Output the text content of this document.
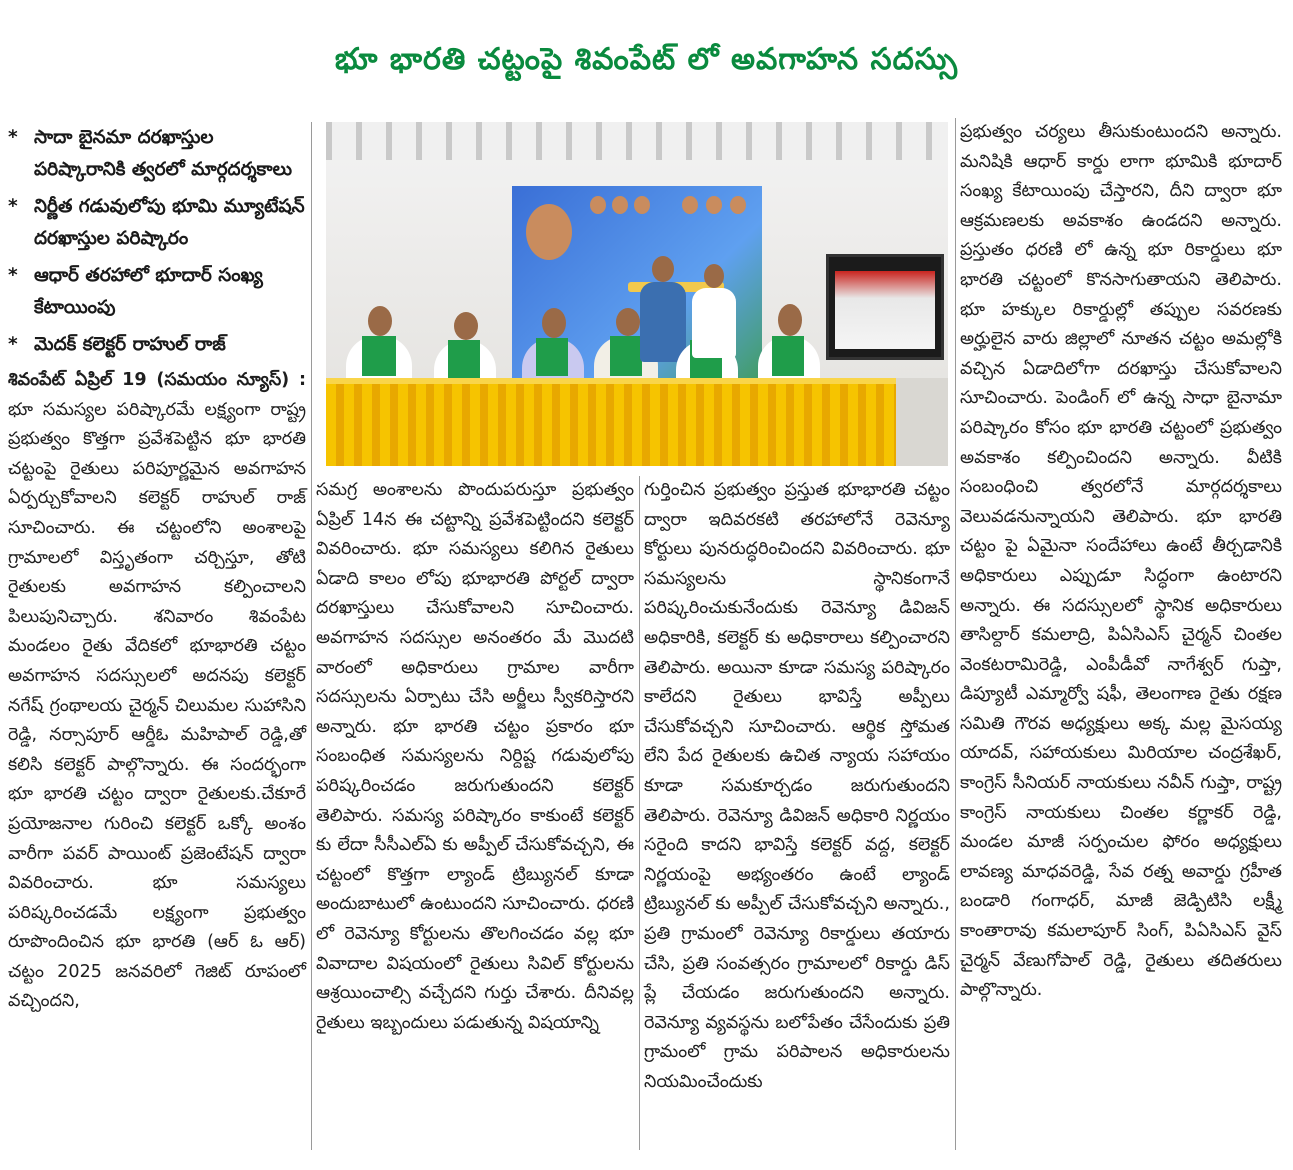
భూ భారతి చట్టంపై శివంపేట్ లో అవగాహన సదస్సు
* సాదా బైనమా దరఖాస్తుల పరిష్కారానికి త్వరలో మార్గదర్శకాలు
* నిర్ణీత గడువులోపు భూమి మ్యూటేషన్ దరఖాస్తుల పరిష్కారం
* ఆధార్ తరహాలో భూదార్ సంఖ్య కేటాయింపు
* మెదక్ కలెక్టర్ రాహుల్ రాజ్

శివంపేట్ ఏప్రిల్ 19 (సమయం న్యూస్) : భూ సమస్యల పరిష్కారమే లక్ష్యంగా రాష్ట్ర ప్రభుత్వం కొత్తగా ప్రవేశపెట్టిన భూ భారతి చట్టంపై రైతులు పరిపూర్ణమైన అవగాహన ఏర్పర్చుకోవాలని కలెక్టర్ రాహుల్ రాజ్ సూచించారు. ఈ చట్టంలోని అంశాలపై గ్రామాలలో విస్తృతంగా చర్చిస్తూ, తోటి రైతులకు అవగాహన కల్పించాలని పిలుపునిచ్చారు. శనివారం శివంపేట మండలం రైతు వేదికలో భూభారతి చట్టం అవగాహన సదస్సులలో అదనపు కలెక్టర్ నగేష్ గ్రంథాలయ చైర్మన్ చిలుమల సుహాసిని రెడ్డి, నర్సాపూర్ ఆర్డీఓ మహిపాల్ రెడ్డి,తో కలిసి కలెక్టర్ పాల్గొన్నారు. ఈ సందర్భంగా భూ భారతి చట్టం ద్వారా రైతులకు.చేకూరే ప్రయోజనాల గురించి కలెక్టర్ ఒక్కో అంశం వారీగా పవర్ పాయింట్ ప్రజెంటేషన్ ద్వారా వివరించారు. భూ సమస్యలు పరిష్కరించడమే లక్ష్యంగా ప్రభుత్వం రూపొందించిన భూ భారతి (ఆర్ ఓ ఆర్) చట్టం 2025 జనవరిలో గెజిట్ రూపంలో వచ్చిందని,

సమగ్ర అంశాలను పొందుపరుస్తూ ప్రభుత్వం ఏప్రిల్ 14న ఈ చట్టాన్ని ప్రవేశపెట్టిందని కలెక్టర్ వివరించారు. భూ సమస్యలు కలిగిన రైతులు ఏడాది కాలం లోపు భూభారతి పోర్టల్ ద్వారా దరఖాస్తులు చేసుకోవాలని సూచించారు. అవగాహన సదస్సుల అనంతరం మే మొదటి వారంలో అధికారులు గ్రామాల వారీగా సదస్సులను ఏర్పాటు చేసి అర్జీలు స్వీకరిస్తారని అన్నారు. భూ భారతి చట్టం ప్రకారం భూ సంబంధిత సమస్యలను నిర్దిష్ట గడువులోపు పరిష్కరించడం జరుగుతుందని కలెక్టర్ తెలిపారు. సమస్య పరిష్కారం కాకుంటే కలెక్టర్ కు లేదా సీసీఎల్ఏ కు అప్పీల్ చేసుకోవచ్చని, ఈ చట్టంలో కొత్తగా ల్యాండ్ ట్రిబ్యునల్ కూడా అందుబాటులో ఉంటుందని సూచించారు. ధరణి లో రెవెన్యూ కోర్టులను తొలగించడం వల్ల భూ వివాదాల విషయంలో రైతులు సివిల్ కోర్టులను ఆశ్రయించాల్సి వచ్చేదని గుర్తు చేశారు. దీనివల్ల రైతులు ఇబ్బందులు పడుతున్న విషయాన్ని

గుర్తించిన ప్రభుత్వం ప్రస్తుత భూభారతి చట్టం ద్వారా ఇదివరకటి తరహాలోనే రెవెన్యూ కోర్టులు పునరుద్ధరించిందని వివరించారు. భూ సమస్యలను స్థానికంగానే పరిష్కరించుకునేందుకు రెవెన్యూ డివిజన్ అధికారికి, కలెక్టర్ కు అధికారాలు కల్పించారని తెలిపారు. అయినా కూడా సమస్య పరిష్కారం కాలేదని రైతులు భావిస్తే అప్పీలు చేసుకోవచ్చని సూచించారు. ఆర్థిక స్తోమత లేని పేద రైతులకు ఉచిత న్యాయ సహాయం కూడా సమకూర్చడం జరుగుతుందని తెలిపారు. రెవెన్యూ డివిజన్ అధికారి నిర్ణయం సరైంది కాదని భావిస్తే కలెక్టర్ వద్ద, కలెక్టర్ నిర్ణయంపై అభ్యంతరం ఉంటే ల్యాండ్ ట్రిబ్యునల్ కు అప్పీల్ చేసుకోవచ్చని అన్నారు., ప్రతి గ్రామంలో రెవెన్యూ రికార్డులు తయారు చేసి, ప్రతి సంవత్సరం గ్రామాలలో రికార్డు డిస్ ప్లే చేయడం జరుగుతుందని అన్నారు. రెవెన్యూ వ్యవస్థను బలోపేతం చేసేందుకు ప్రతి గ్రామంలో గ్రామ పరిపాలన అధికారులను నియమించేందుకు

ప్రభుత్వం చర్యలు తీసుకుంటుందని అన్నారు. మనిషికి ఆధార్ కార్డు లాగా భూమికి భూదార్ సంఖ్య కేటాయింపు చేస్తారని, దీని ద్వారా భూ ఆక్రమణలకు అవకాశం ఉండదని అన్నారు. ప్రస్తుతం ధరణి లో ఉన్న భూ రికార్డులు భూ భారతి చట్టంలో కొనసాగుతాయని తెలిపారు. భూ హక్కుల రికార్డుల్లో తప్పుల సవరణకు అర్హులైన వారు జిల్లాలో నూతన చట్టం అమల్లోకి వచ్చిన ఏడాదిలోగా దరఖాస్తు చేసుకోవాలని సూచించారు. పెండింగ్ లో ఉన్న సాధా బైనామా పరిష్కారం కోసం భూ భారతి చట్టంలో ప్రభుత్వం అవకాశం కల్పించిందని అన్నారు. వీటికి సంబంధించి త్వరలోనే మార్గదర్శకాలు వెలువడనున్నాయని తెలిపారు. భూ భారతి చట్టం పై ఏమైనా సందేహాలు ఉంటే తీర్చడానికి అధికారులు ఎప్పుడూ సిద్ధంగా ఉంటారని అన్నారు. ఈ సదస్సులలో స్థానిక అధికారులు తాసిల్దార్ కమలాద్రి, పిఏసిఎస్ చైర్మన్ చింతల వెంకటరామిరెడ్డి, ఎంపీడీవో నాగేశ్వర్ గుప్తా, డిప్యూటీ ఎమ్మార్వో షఫీ, తెలంగాణ రైతు రక్షణ సమితి గౌరవ అధ్యక్షులు అక్క మల్ల మైసయ్య యాదవ్, సహాయకులు మిరియాల చంద్రశేఖర్, కాంగ్రెస్ సీనియర్ నాయకులు నవీన్ గుప్తా, రాష్ట్ర కాంగ్రెస్ నాయకులు చింతల కర్ణాకర్ రెడ్డి, మండల మాజీ సర్పంచుల ఫోరం అధ్యక్షులు లావణ్య మాధవరెడ్డి, సేవ రత్న అవార్డు గ్రహీత బండారి గంగాధర్, మాజీ జెడ్పిటిసి లక్ష్మీ కాంతారావు కమలాపూర్ సింగ్, పిఏసిఎస్ వైస్ చైర్మన్ వేణుగోపాల్ రెడ్డి, రైతులు తదితరులు పాల్గొన్నారు.
